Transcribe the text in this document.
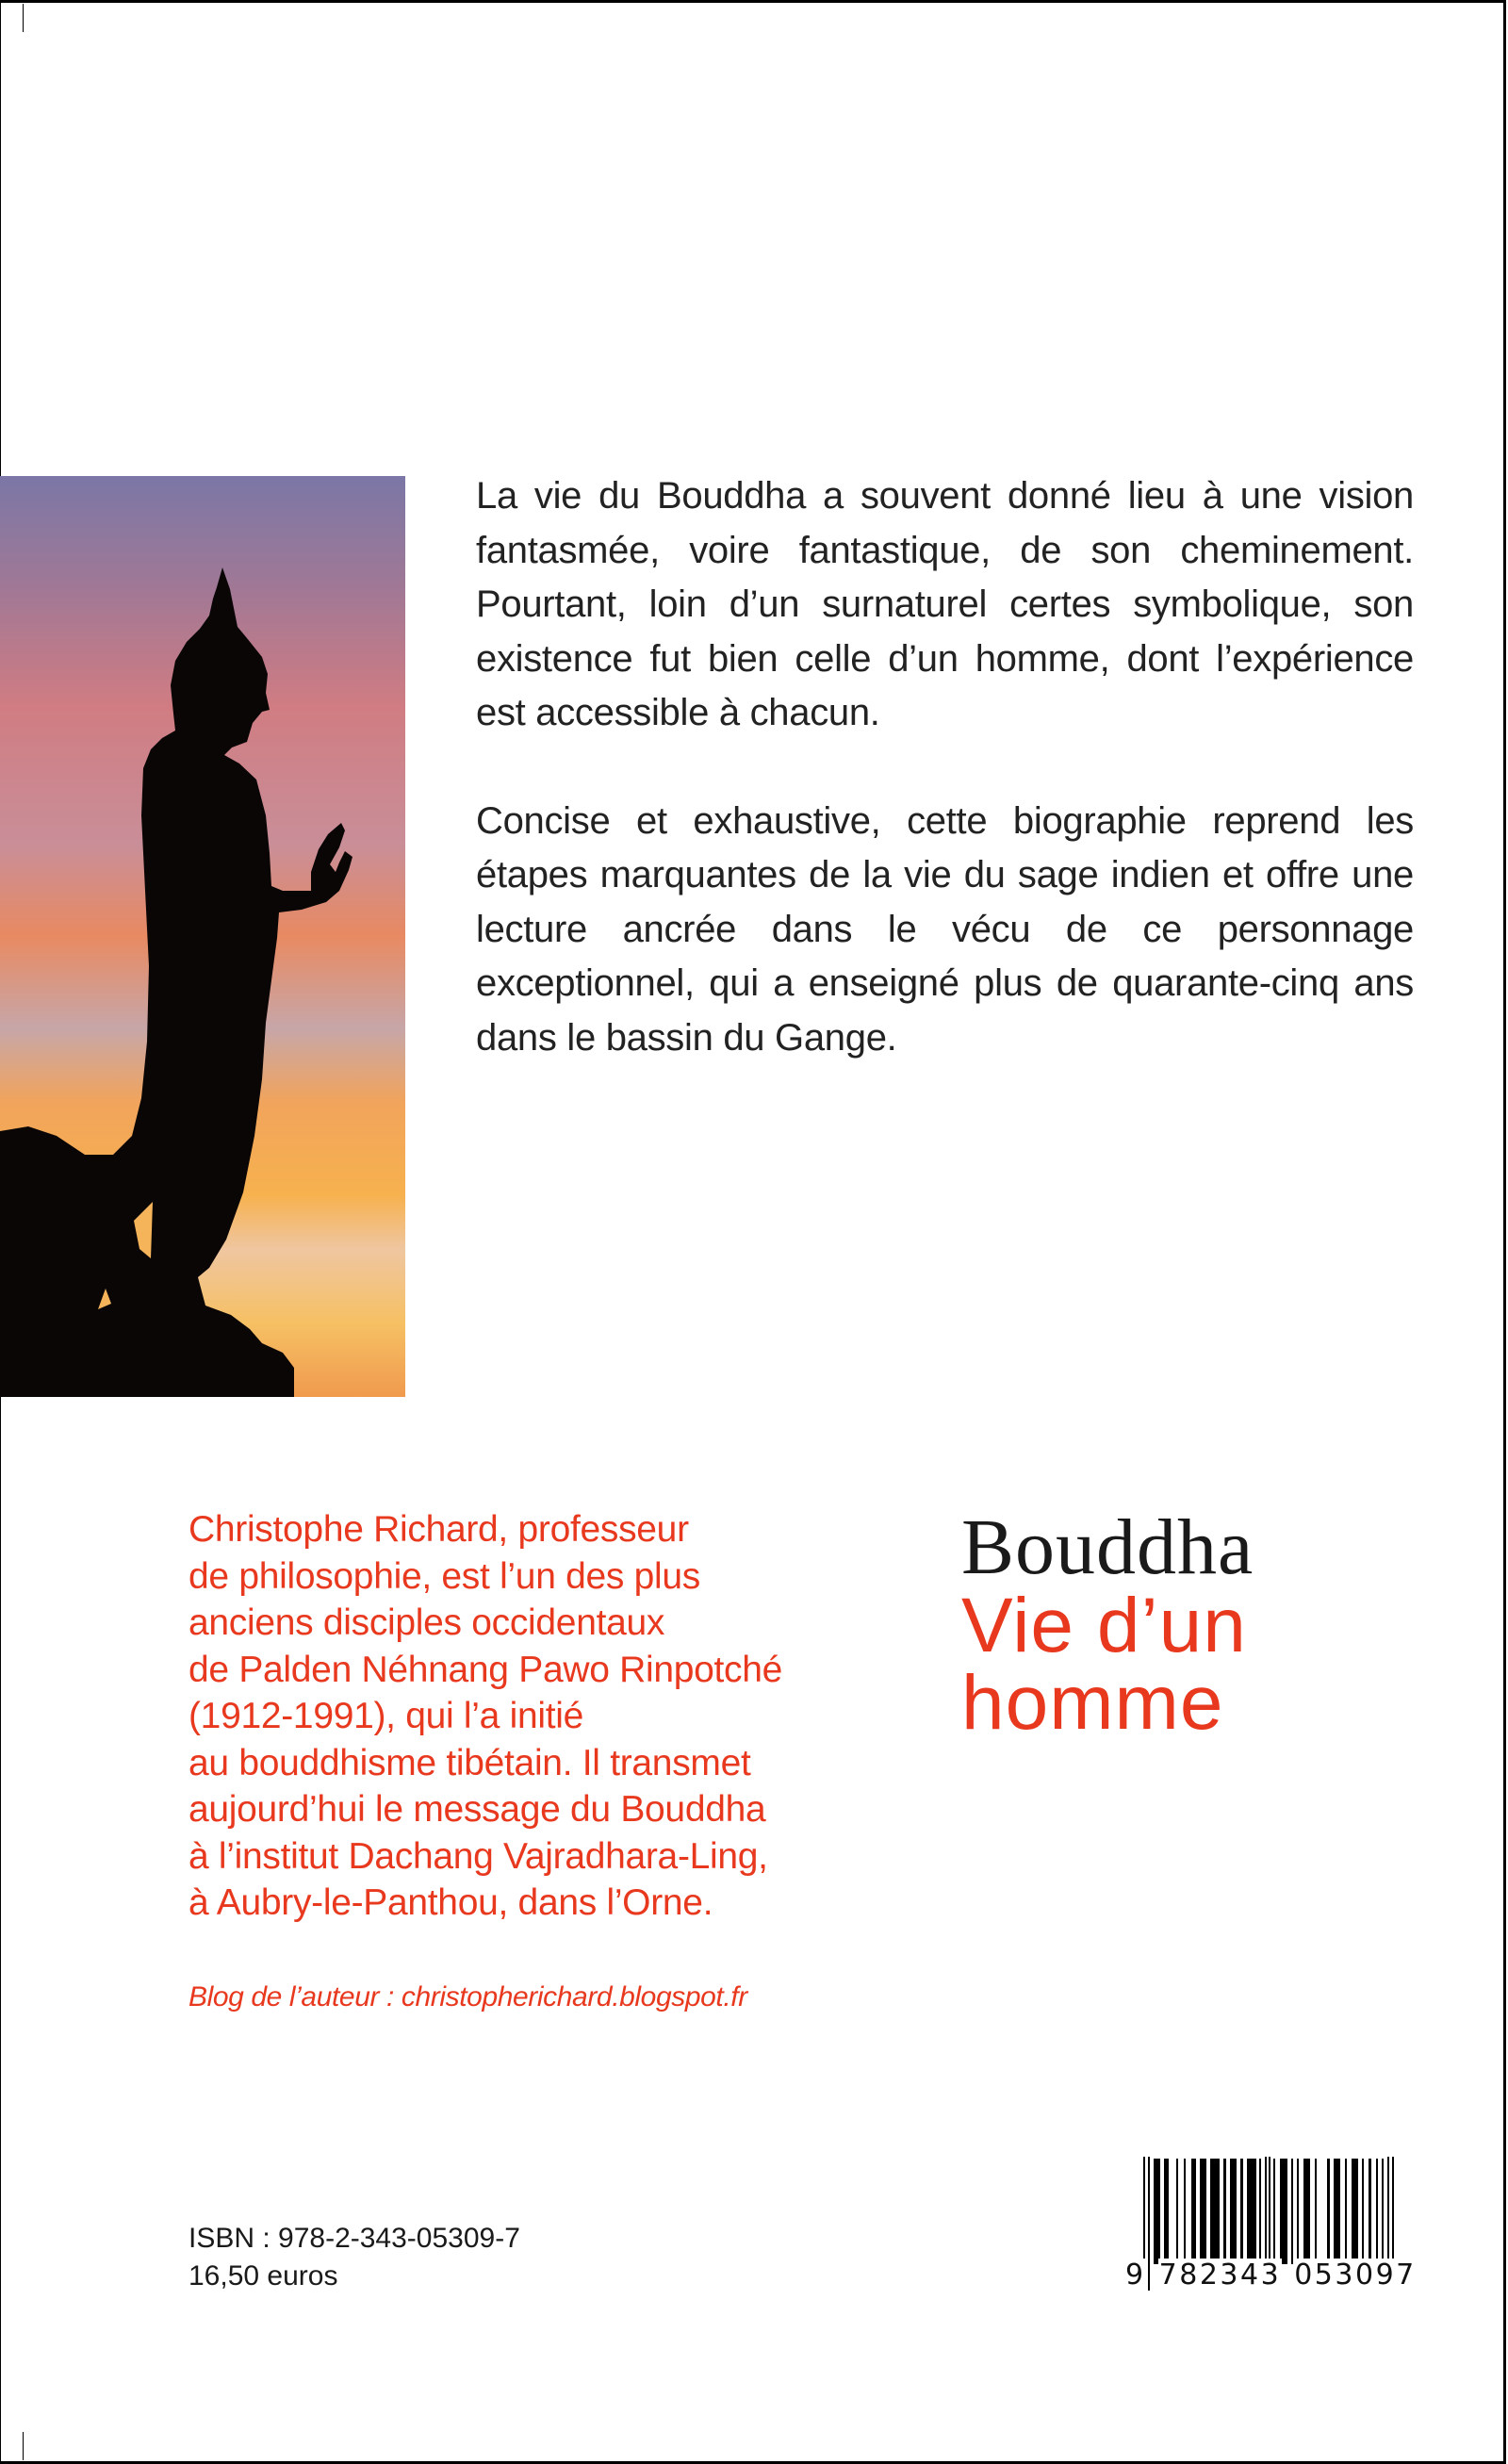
La vie du Bouddha a souvent donné lieu à une vision fantasmée, voire fantastique, de son cheminement. Pourtant, loin d’un surnaturel certes symbolique, son existence fut bien celle d’un homme, dont l’expérience est accessible à chacun.

Concise et exhaustive, cette biographie reprend les étapes marquantes de la vie du sage indien et offre une lecture ancrée dans le vécu de ce personnage exceptionnel, qui a enseigné plus de quarante-cinq ans dans le bassin du Gange.

Christophe Richard, professeur
de philosophie, est l’un des plus
anciens disciples occidentaux
de Palden Néhnang Pawo Rinpotché
(1912-1991), qui l’a initié
au bouddhisme tibétain. Il transmet
aujourd’hui le message du Bouddha
à l’institut Dachang Vajradhara-Ling,
à Aubry-le-Panthou, dans l’Orne.
Blog de l’auteur : christopherichard.blogspot.fr
Bouddha
Vie d’un
homme
ISBN : 978-2-343-05309-7
16,50 euros	9 782343 053097
